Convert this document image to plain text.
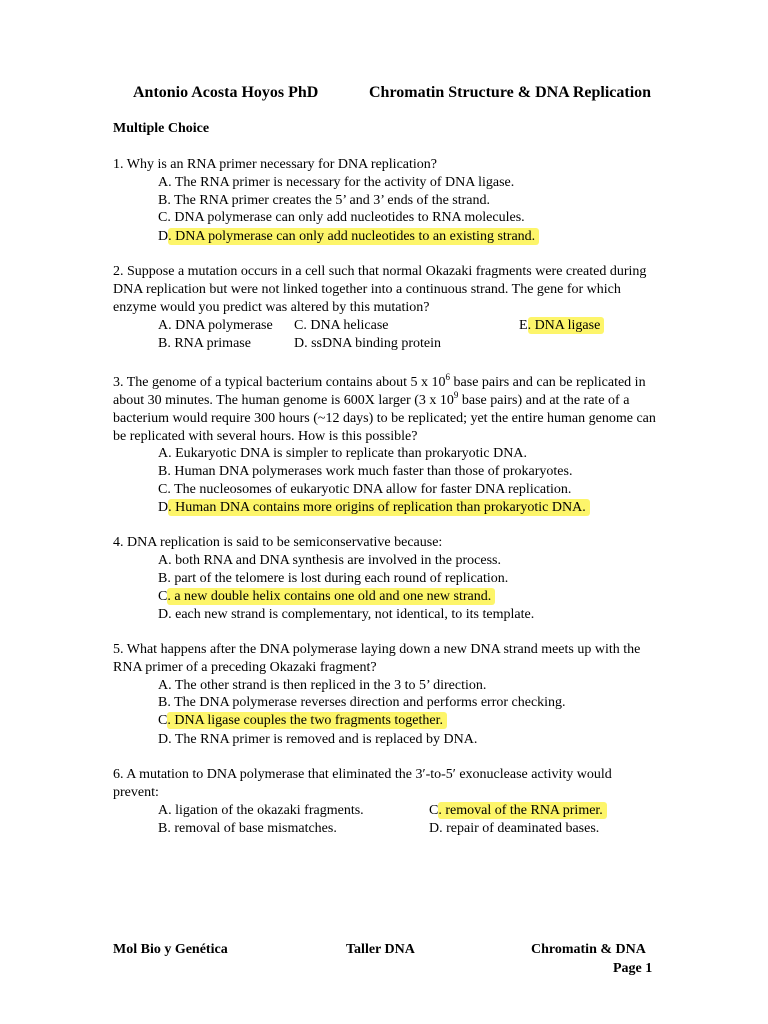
Antonio Acosta Hoyos PhD	Chromatin Structure & DNA Replication
Multiple Choice
1. Why is an RNA primer necessary for DNA replication?
A. The RNA primer is necessary for the activity of DNA ligase.
B. The RNA primer creates the 5’ and 3’ ends of the strand.
C. DNA polymerase can only add nucleotides to RNA molecules.
D. DNA polymerase can only add nucleotides to an existing strand.
2. Suppose a mutation occurs in a cell such that normal Okazaki fragments were created during
DNA replication but were not linked together into a continuous strand. The gene for which
enzyme would you predict was altered by this mutation?
A. DNA polymerase C. DNA helicase	E. DNA ligase
B. RNA primase	D. ssDNA binding protein
3. The genome of a typical bacterium contains about 5 x $10^6$ base pairs and can be replicated in
about 30 minutes. The human genome is 600X larger (3 x $10^9$ base pairs) and at the rate of a
bacterium would require 300 hours (~12 days) to be replicated; yet the entire human genome can
be replicated with several hours. How is this possible?
A. Eukaryotic DNA is simpler to replicate than prokaryotic DNA.
B. Human DNA polymerases work much faster than those of prokaryotes.
C. The nucleosomes of eukaryotic DNA allow for faster DNA replication.
D. Human DNA contains more origins of replication than prokaryotic DNA.
4. DNA replication is said to be semiconservative because:
A. both RNA and DNA synthesis are involved in the process.
B. part of the telomere is lost during each round of replication.
C. a new double helix contains one old and one new strand.
D. each new strand is complementary, not identical, to its template.
5. What happens after the DNA polymerase laying down a new DNA strand meets up with the
RNA primer of a preceding Okazaki fragment?
A. The other strand is then repliced in the 3 to 5’ direction.
B. The DNA polymerase reverses direction and performs error checking.
C. DNA ligase couples the two fragments together.
D. The RNA primer is removed and is replaced by DNA.
6. A mutation to DNA polymerase that eliminated the 3′-to-5′ exonuclease activity would
prevent:
A. ligation of the okazaki fragments.	C. removal of the RNA primer.
B. removal of base mismatches.	D. repair of deaminated bases.
Mol Bio y Genética	Taller DNA	Chromatin & DNA
Page 1
